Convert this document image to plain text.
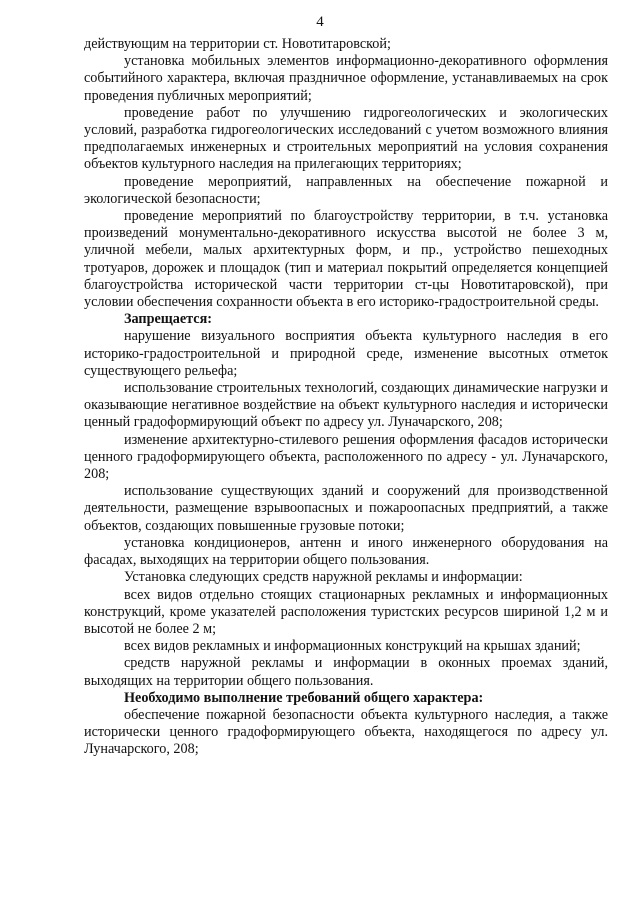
4

действующим на территории ст. Новотитаровской;

установка мобильных элементов информационно-декоративного оформления событийного характера, включая праздничное оформление, устанавливаемых на срок проведения публичных мероприятий;

проведение работ по улучшению гидрогеологических и экологических условий, разработка гидрогеологических исследований с учетом возможного влияния предполагаемых инженерных и строительных мероприятий на условия сохранения объектов культурного наследия на прилегающих территориях;

проведение мероприятий, направленных на обеспечение пожарной и экологической безопасности;

проведение мероприятий по благоустройству территории, в т.ч. установка произведений монументально-декоративного искусства высотой не более 3 м, уличной мебели, малых архитектурных форм, и пр., устройство пешеходных тротуаров, дорожек и площадок (тип и материал покрытий определяется концепцией благоустройства исторической части территории ст-цы Новотитаровской), при условии обеспечения сохранности объекта в его историко-градостроительной среды.

Запрещается:

нарушение визуального восприятия объекта культурного наследия в его историко-градостроительной и природной среде, изменение высотных отметок существующего рельефа;

использование строительных технологий, создающих динамические нагрузки и оказывающие негативное воздействие на объект культурного наследия и исторически ценный градоформирующий объект по адресу ул. Луначарского, 208;

изменение архитектурно-стилевого решения оформления фасадов исторически ценного градоформирующего объекта, расположенного по адресу - ул. Луначарского, 208;

использование существующих зданий и сооружений для производственной деятельности, размещение взрывоопасных и пожароопасных предприятий, а также объектов, создающих повышенные грузовые потоки;

установка кондиционеров, антенн и иного инженерного оборудования на фасадах, выходящих на территории общего пользования.

Установка следующих средств наружной рекламы и информации:

всех видов отдельно стоящих стационарных рекламных и информационных конструкций, кроме указателей расположения туристских ресурсов шириной 1,2 м и высотой не более 2 м;

всех видов рекламных и информационных конструкций на крышах зданий;

средств наружной рекламы и информации в оконных проемах зданий, выходящих на территории общего пользования.

Необходимо выполнение требований общего характера:

обеспечение пожарной безопасности объекта культурного наследия, а также исторически ценного градоформирующего объекта, находящегося по адресу ул. Луначарского, 208;
